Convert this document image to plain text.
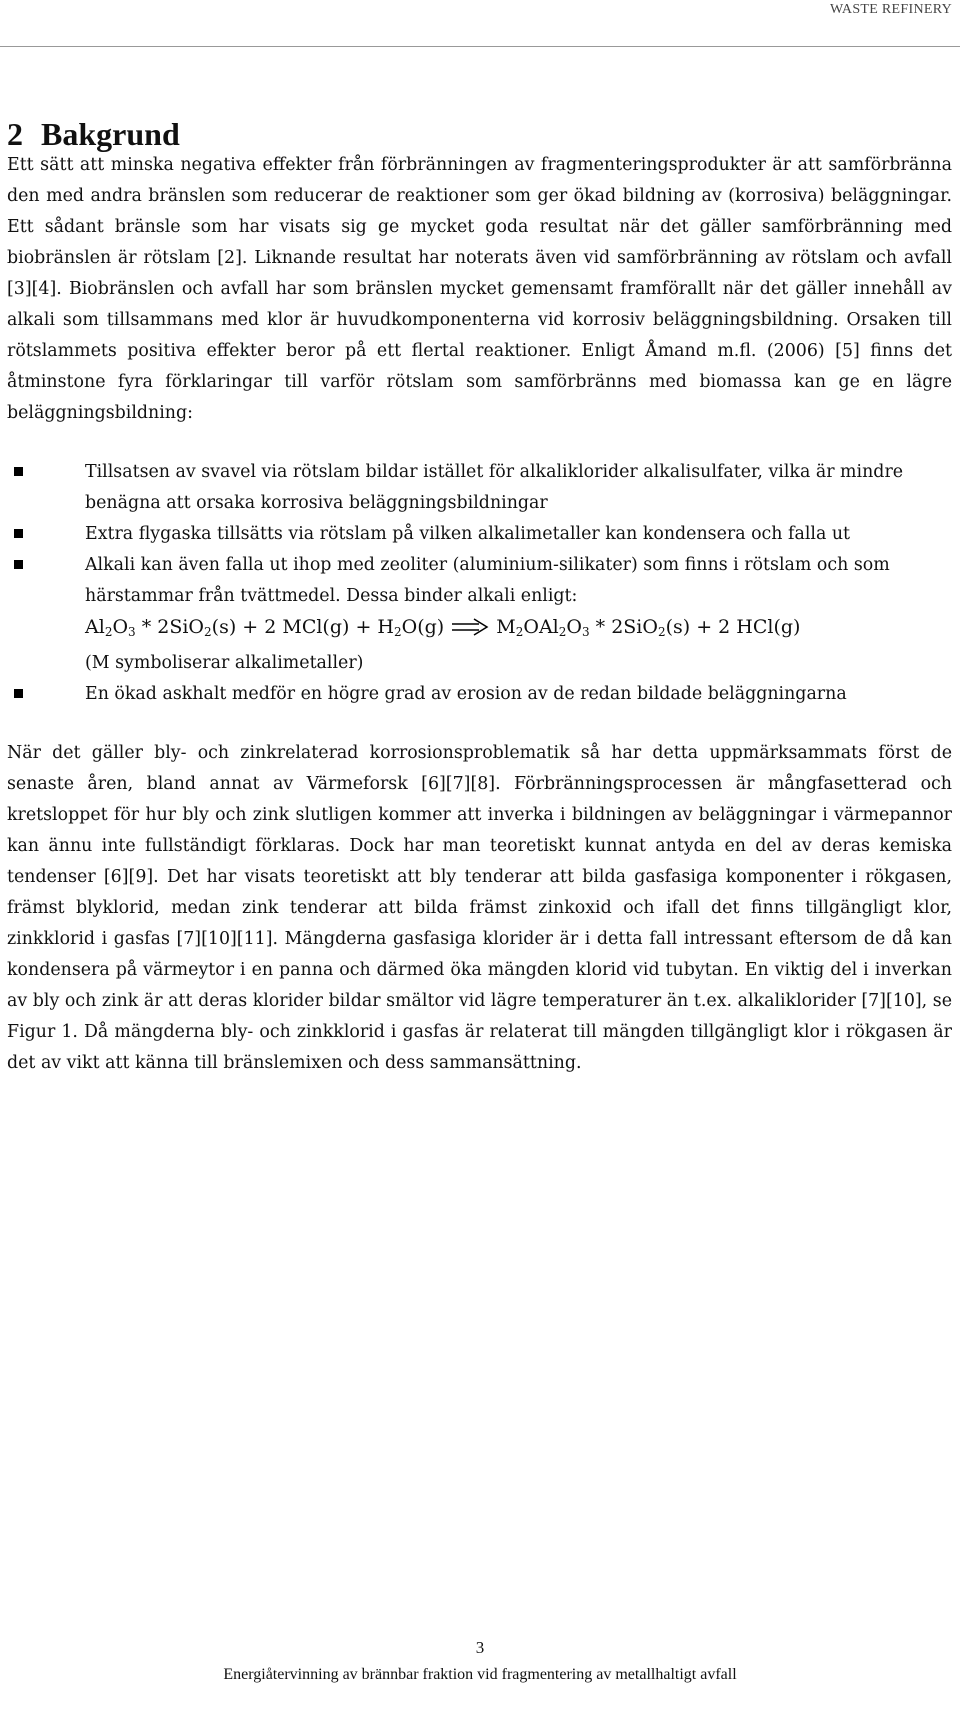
WASTE REFINERY
2 Bakgrund

Ett sätt att minska negativa effekter från förbränningen av fragmenteringsprodukter är att samförbränna den med andra bränslen som reducerar de reaktioner som ger ökad bildning av (korrosiva) beläggningar. Ett sådant bränsle som har visats sig ge mycket goda resultat när det gäller samförbränning med biobränslen är rötslam [2]. Liknande resultat har noterats även vid samförbränning av rötslam och avfall [3][4]. Biobränslen och avfall har som bränslen mycket gemensamt framförallt när det gäller innehåll av alkali som tillsammans med klor är huvudkomponenterna vid korrosiv beläggningsbildning. Orsaken till rötslammets positiva effekter beror på ett flertal reaktioner. Enligt Åmand m.fl. (2006) [5] finns det åtminstone fyra förklaringar till varför rötslam som samförbränns med biomassa kan ge en lägre beläggningsbildning:

Tillsatsen av svavel via rötslam bildar istället för alkaliklorider alkalisulfater, vilka är mindre benägna att orsaka korrosiva beläggningsbildningar
Extra flygaska tillsätts via rötslam på vilken alkalimetaller kan kondensera och falla ut
Alkali kan även falla ut ihop med zeoliter (aluminium-silikater) som finns i rötslam och som härstammar från tvättmedel. Dessa binder alkali enligt:
$Al_2O_3 * 2SiO_2(s) + 2$ $MCl(g) + H_2O(g)$  $M_2OAl_2O_3 * 2SiO_2(s) + 2$ HCl(g)
(M symboliserar alkalimetaller)
En ökad askhalt medför en högre grad av erosion av de redan bildade beläggningarna

När det gäller bly- och zinkrelaterad korrosionsproblematik så har detta uppmärksammats först de senaste åren, bland annat av Värmeforsk [6][7][8]. Förbränningsprocessen är mångfasetterad och kretsloppet för hur bly och zink slutligen kommer att inverka i bildningen av beläggningar i värmepannor kan ännu inte fullständigt förklaras. Dock har man teoretiskt kunnat antyda en del av deras kemiska tendenser [6][9]. Det har visats teoretiskt att bly tenderar att bilda gasfasiga komponenter i rökgasen, främst blyklorid, medan zink tenderar att bilda främst zinkoxid och ifall det finns tillgängligt klor, zinkklorid i gasfas [7][10][11]. Mängderna gasfasiga klorider är i detta fall intressant eftersom de då kan kondensera på värmeytor i en panna och därmed öka mängden klorid vid tubytan. En viktig del i inverkan av bly och zink är att deras klorider bildar smältor vid lägre temperaturer än t.ex. alkaliklorider [7][10], se Figur 1. Då mängderna bly- och zinkklorid i gasfas är relaterat till mängden tillgängligt klor i rökgasen är det av vikt att känna till bränslemixen och dess sammansättning.

3
Energiåtervinning av brännbar fraktion vid fragmentering av metallhaltigt avfall
